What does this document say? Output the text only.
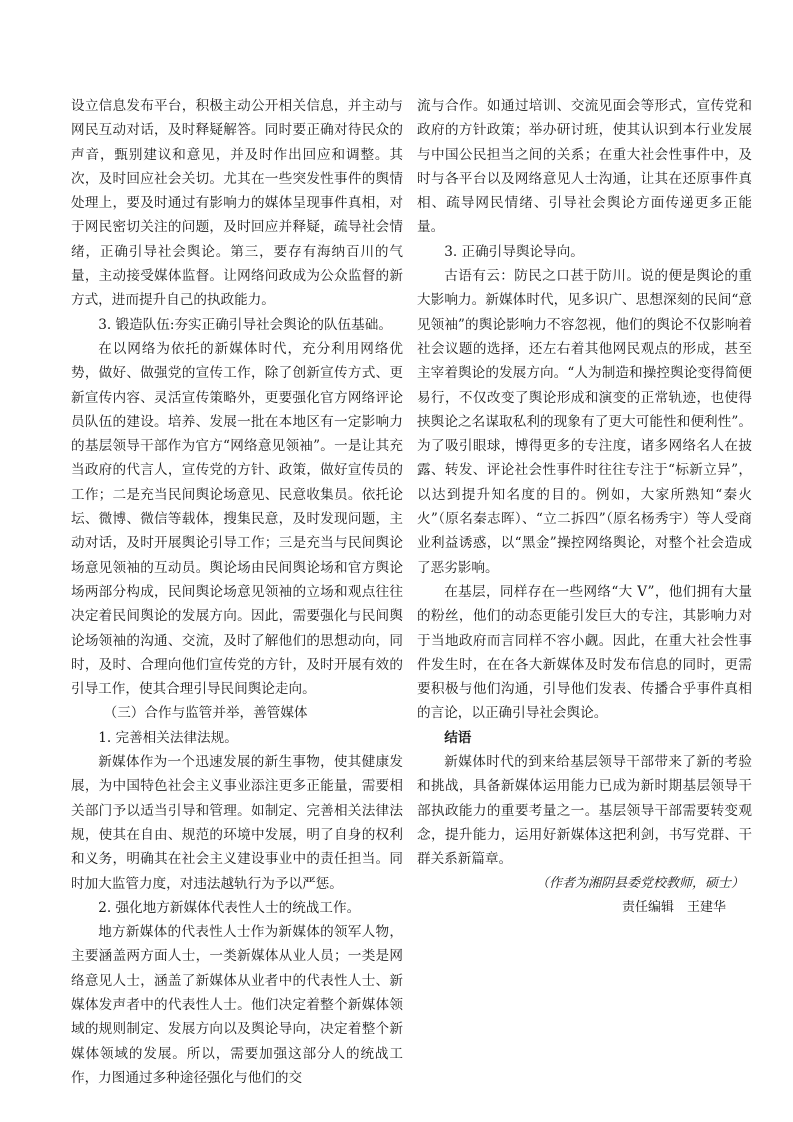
设立信息发布平台，积极主动公开相关信息，并主动与网民互动对话，及时释疑解答。同时要正确对待民众的声音，甄别建议和意见，并及时作出回应和调整。其次，及时回应社会关切。尤其在一些突发性事件的舆情处理上，要及时通过有影响力的媒体呈现事件真相，对于网民密切关注的问题，及时回应并释疑，疏导社会情绪，正确引导社会舆论。第三，要存有海纳百川的气量，主动接受媒体监督。让网络问政成为公众监督的新方式，进而提升自己的执政能力。

3. 锻造队伍:夯实正确引导社会舆论的队伍基础。

在以网络为依托的新媒体时代，充分利用网络优势，做好、做强党的宣传工作，除了创新宣传方式、更新宣传内容、灵活宣传策略外，更要强化官方网络评论员队伍的建设。培养、发展一批在本地区有一定影响力的基层领导干部作为官方“网络意见领袖”。一是让其充当政府的代言人，宣传党的方针、政策，做好宣传员的工作；二是充当民间舆论场意见、民意收集员。依托论坛、微博、微信等载体，搜集民意，及时发现问题，主动对话，及时开展舆论引导工作；三是充当与民间舆论场意见领袖的互动员。舆论场由民间舆论场和官方舆论场两部分构成，民间舆论场意见领袖的立场和观点往往决定着民间舆论的发展方向。因此，需要强化与民间舆论场领袖的沟通、交流，及时了解他们的思想动向，同时，及时、合理向他们宣传党的方针，及时开展有效的引导工作，使其合理引导民间舆论走向。

（三）合作与监管并举，善管媒体

1. 完善相关法律法规。

新媒体作为一个迅速发展的新生事物，使其健康发展，为中国特色社会主义事业添注更多正能量，需要相关部门予以适当引导和管理。如制定、完善相关法律法规，使其在自由、规范的环境中发展，明了自身的权利和义务，明确其在社会主义建设事业中的责任担当。同时加大监管力度，对违法越轨行为予以严惩。

2. 强化地方新媒体代表性人士的统战工作。

地方新媒体的代表性人士作为新媒体的领军人物，主要涵盖两方面人士，一类新媒体从业人员；一类是网络意见人士，涵盖了新媒体从业者中的代表性人士、新媒体发声者中的代表性人士。他们决定着整个新媒体领域的规则制定、发展方向以及舆论导向，决定着整个新媒体领域的发展。所以，需要加强这部分人的统战工作，力图通过多种途径强化与他们的交

流与合作。如通过培训、交流见面会等形式，宣传党和政府的方针政策；举办研讨班，使其认识到本行业发展与中国公民担当之间的关系；在重大社会性事件中，及时与各平台以及网络意见人士沟通，让其在还原事件真相、疏导网民情绪、引导社会舆论方面传递更多正能量。

3. 正确引导舆论导向。

古语有云：防民之口甚于防川。说的便是舆论的重大影响力。新媒体时代，见多识广、思想深刻的民间“意见领袖”的舆论影响力不容忽视，他们的舆论不仅影响着社会议题的选择，还左右着其他网民观点的形成，甚至主宰着舆论的发展方向。“人为制造和操控舆论变得简便易行，不仅改变了舆论形成和演变的正常轨迹，也使得挟舆论之名谋取私利的现象有了更大可能性和便利性”。为了吸引眼球，博得更多的专注度，诸多网络名人在披露、转发、评论社会性事件时往往专注于“标新立异”，以达到提升知名度的目的。例如，大家所熟知“秦火火”（原名秦志晖）、“立二拆四”（原名杨秀宇）等人受商业利益诱惑，以“黑金”操控网络舆论，对整个社会造成了恶劣影响。

在基层，同样存在一些网络“大 V”，他们拥有大量的粉丝，他们的动态更能引发巨大的专注，其影响力对于当地政府而言同样不容小觑。因此，在重大社会性事件发生时，在在各大新媒体及时发布信息的同时，更需要积极与他们沟通，引导他们发表、传播合乎事件真相的言论，以正确引导社会舆论。

结语

新媒体时代的到来给基层领导干部带来了新的考验和挑战，具备新媒体运用能力已成为新时期基层领导干部执政能力的重要考量之一。基层领导干部需要转变观念，提升能力，运用好新媒体这把利剑，书写党群、干群关系新篇章。

（作者为湘阴县委党校教师，硕士）

责任编辑　王建华
